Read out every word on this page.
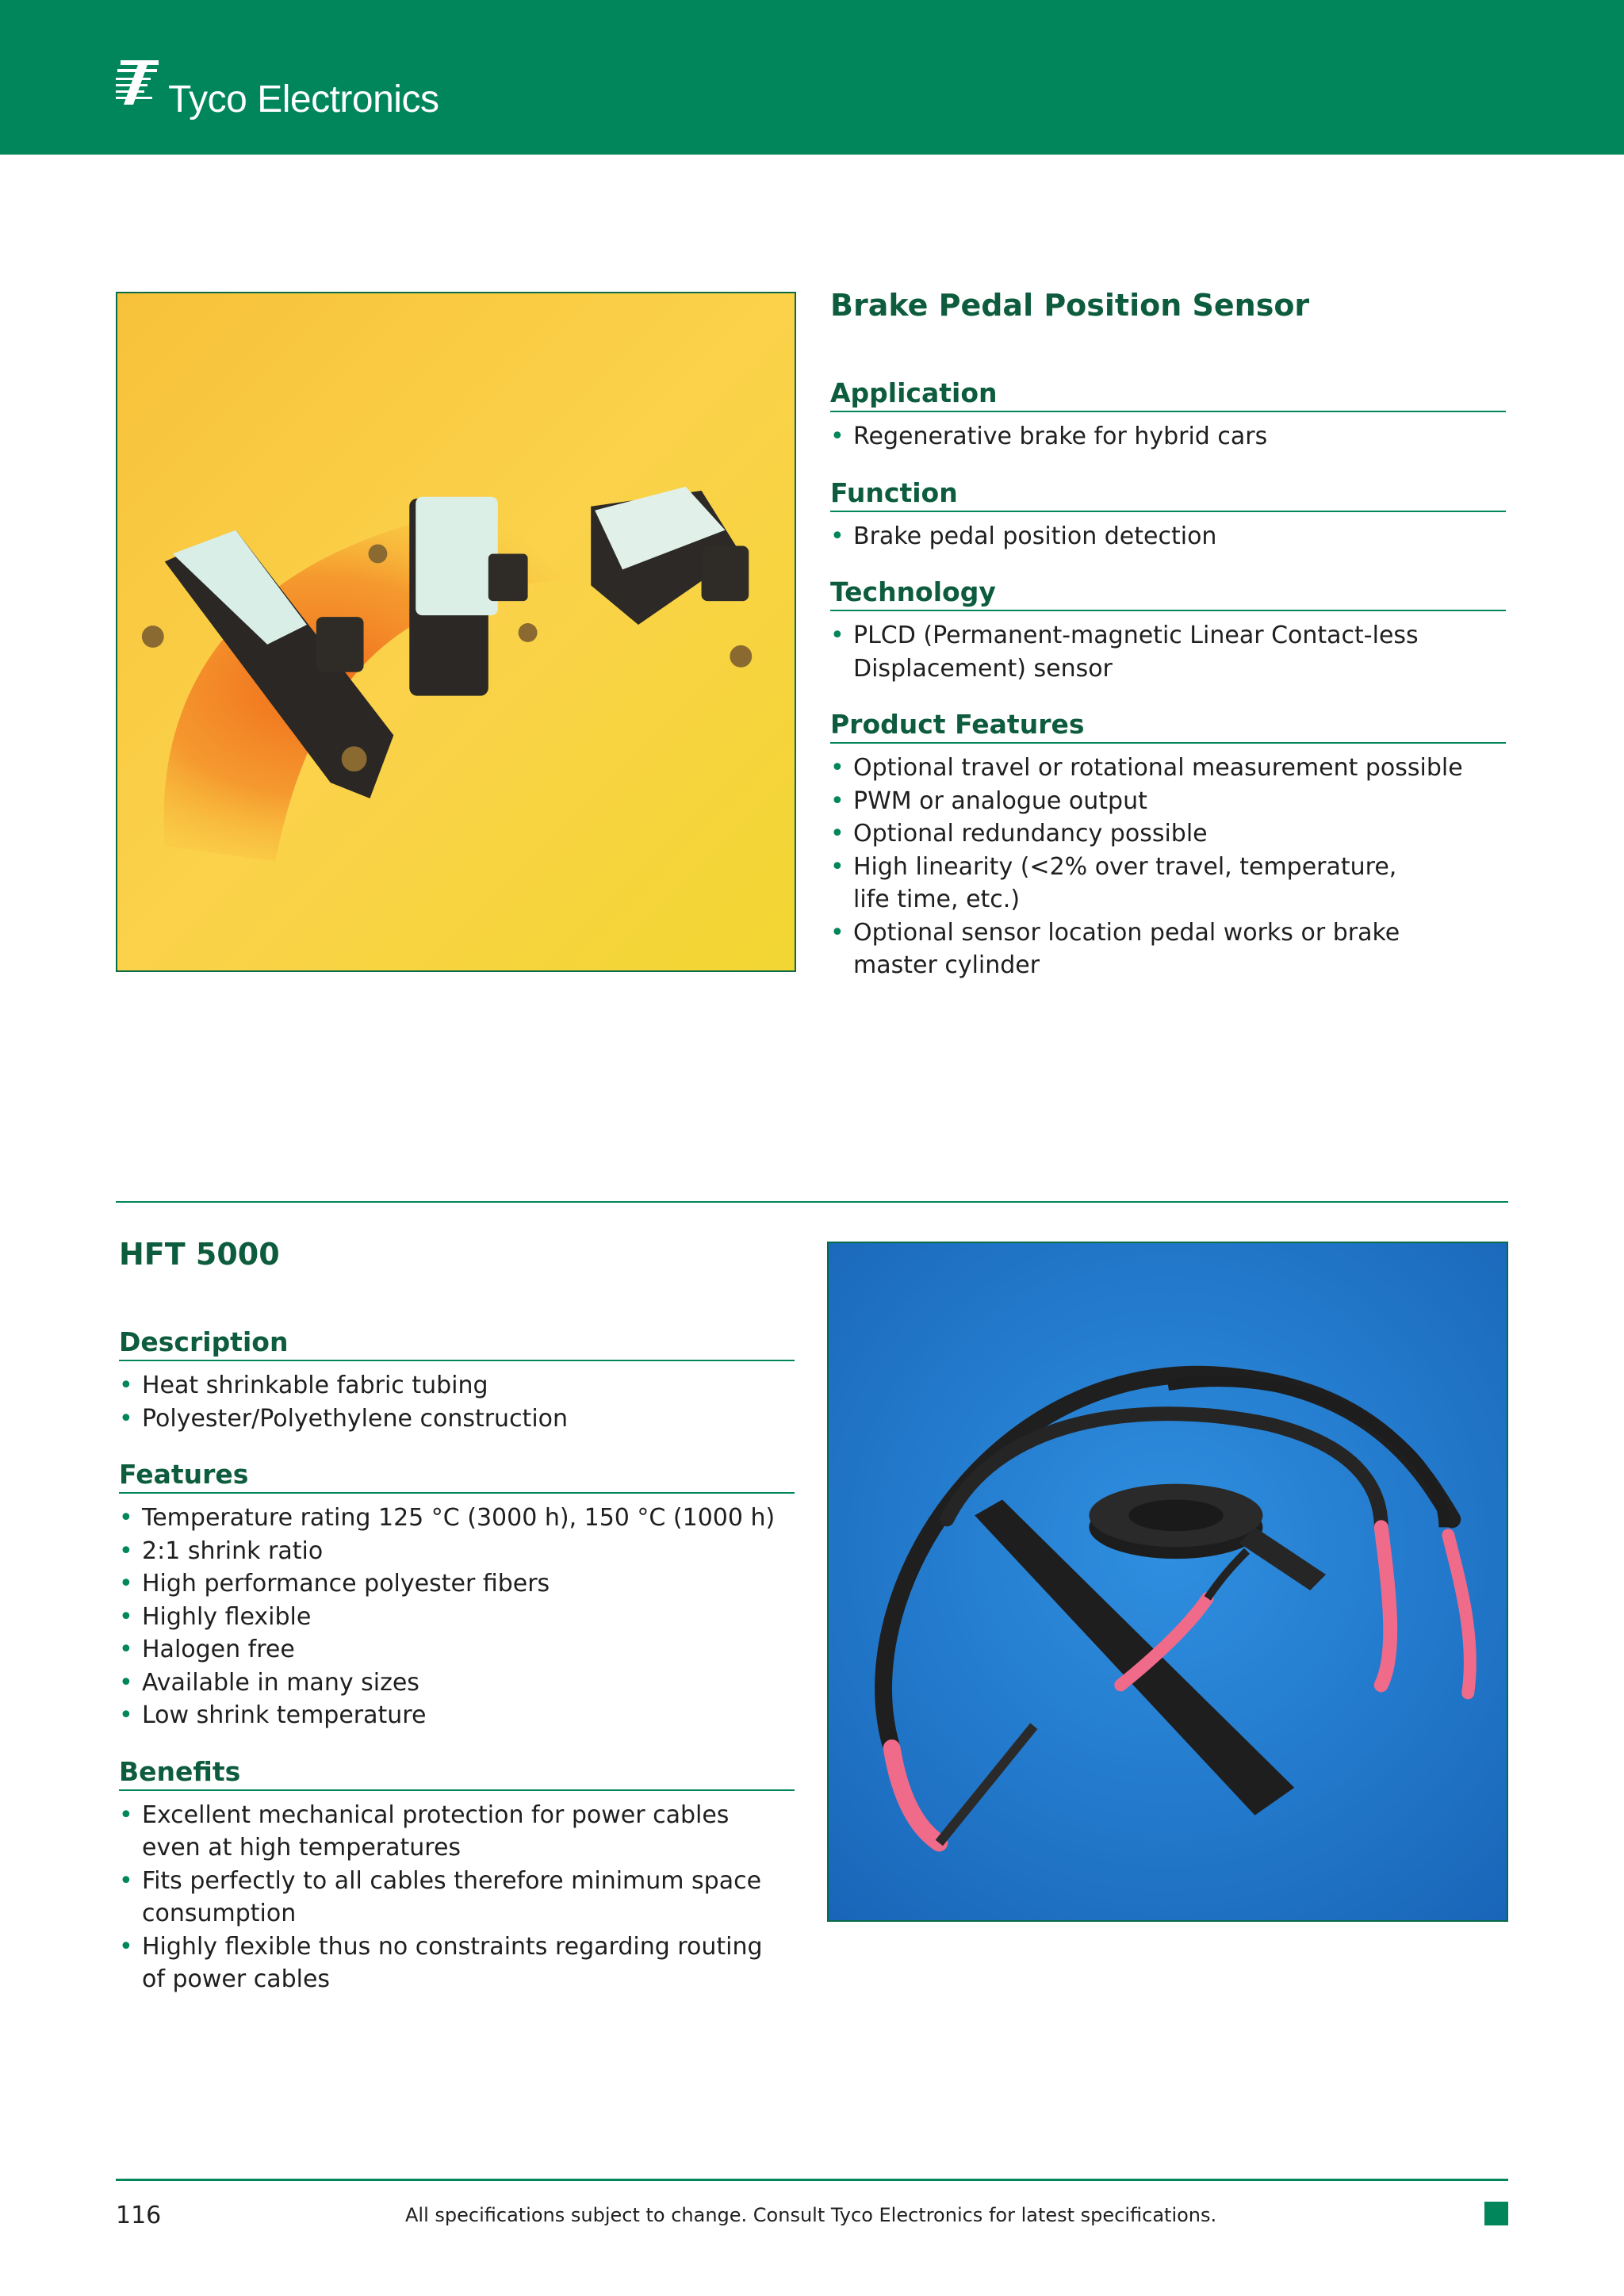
Tyco Electronics
Brake Pedal Position Sensor
Application
• Regenerative brake for hybrid cars
Function
• Brake pedal position detection
Technology
• PLCD (Permanent-magnetic Linear Contact-less
Displacement) sensor
Product Features
• Optional travel or rotational measurement possible
• PWM or analogue output
• Optional redundancy possible
• High linearity (<2% over travel, temperature,
life time, etc.)
• Optional sensor location pedal works or brake
master cylinder
HFT 5000
Description
• Heat shrinkable fabric tubing
• Polyester/Polyethylene construction
Features
• Temperature rating 125 °C (3000 h), 150 °C (1000 h)
• 2:1 shrink ratio
• High performance polyester fibers
• Highly flexible
• Halogen free
• Available in many sizes
• Low shrink temperature
Benefits
• Excellent mechanical protection for power cables
even at high temperatures
• Fits perfectly to all cables therefore minimum space
consumption
• Highly flexible thus no constraints regarding routing
of power cables
116	All specifications subject to change. Consult Tyco Electronics for latest specifications.
